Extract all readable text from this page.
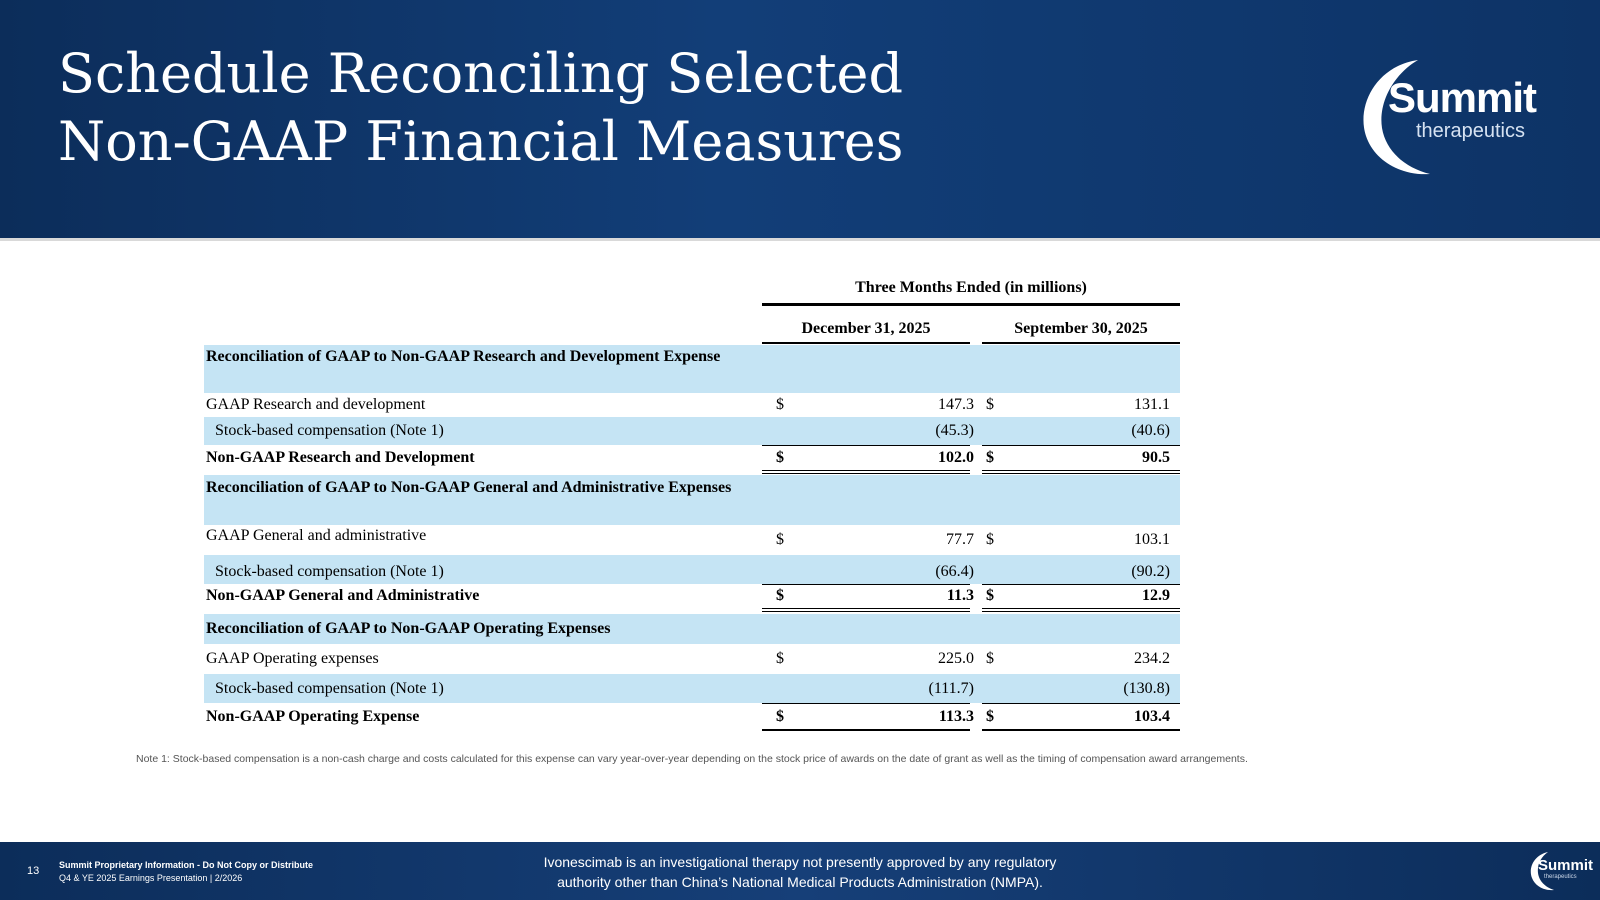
Schedule Reconciling Selected
Non-GAAP Financial Measures
Summit
therapeutics
Three Months Ended (in millions)
December 31, 2025	September 30, 2025
Reconciliation of GAAP to Non-GAAP Research and Development Expense
GAAP Research and development	$	147.3 $	131.1
Stock-based compensation (Note 1)	(45.3)	(40.6)
Non-GAAP Research and Development	$	102.0 $	90.5
Reconciliation of GAAP to Non-GAAP General and Administrative Expenses
GAAP General and administrative	$	77.7 $	103.1
Stock-based compensation (Note 1)	(66.4)	(90.2)
Non-GAAP General and Administrative	$	11.3 $	12.9
Reconciliation of GAAP to Non-GAAP Operating Expenses
GAAP Operating expenses	$	225.0 $	234.2
Stock-based compensation (Note 1)	(111.7)	(130.8)
Non-GAAP Operating Expense	$	113.3 $	103.4
Note 1: Stock-based compensation is a non-cash charge and costs calculated for this expense can vary year-over-year depending on the stock price of awards on the date of grant as well as the timing of compensation award arrangements.
13 Summit Proprietary Information - Do Not Copy or Distribute
Q4 & YE 2025 Earnings Presentation | 2/2026
Ivonescimab is an investigational therapy not presently approved by any regulatory
authority other than China’s National Medical Products Administration (NMPA).
Summit
therapeutics
